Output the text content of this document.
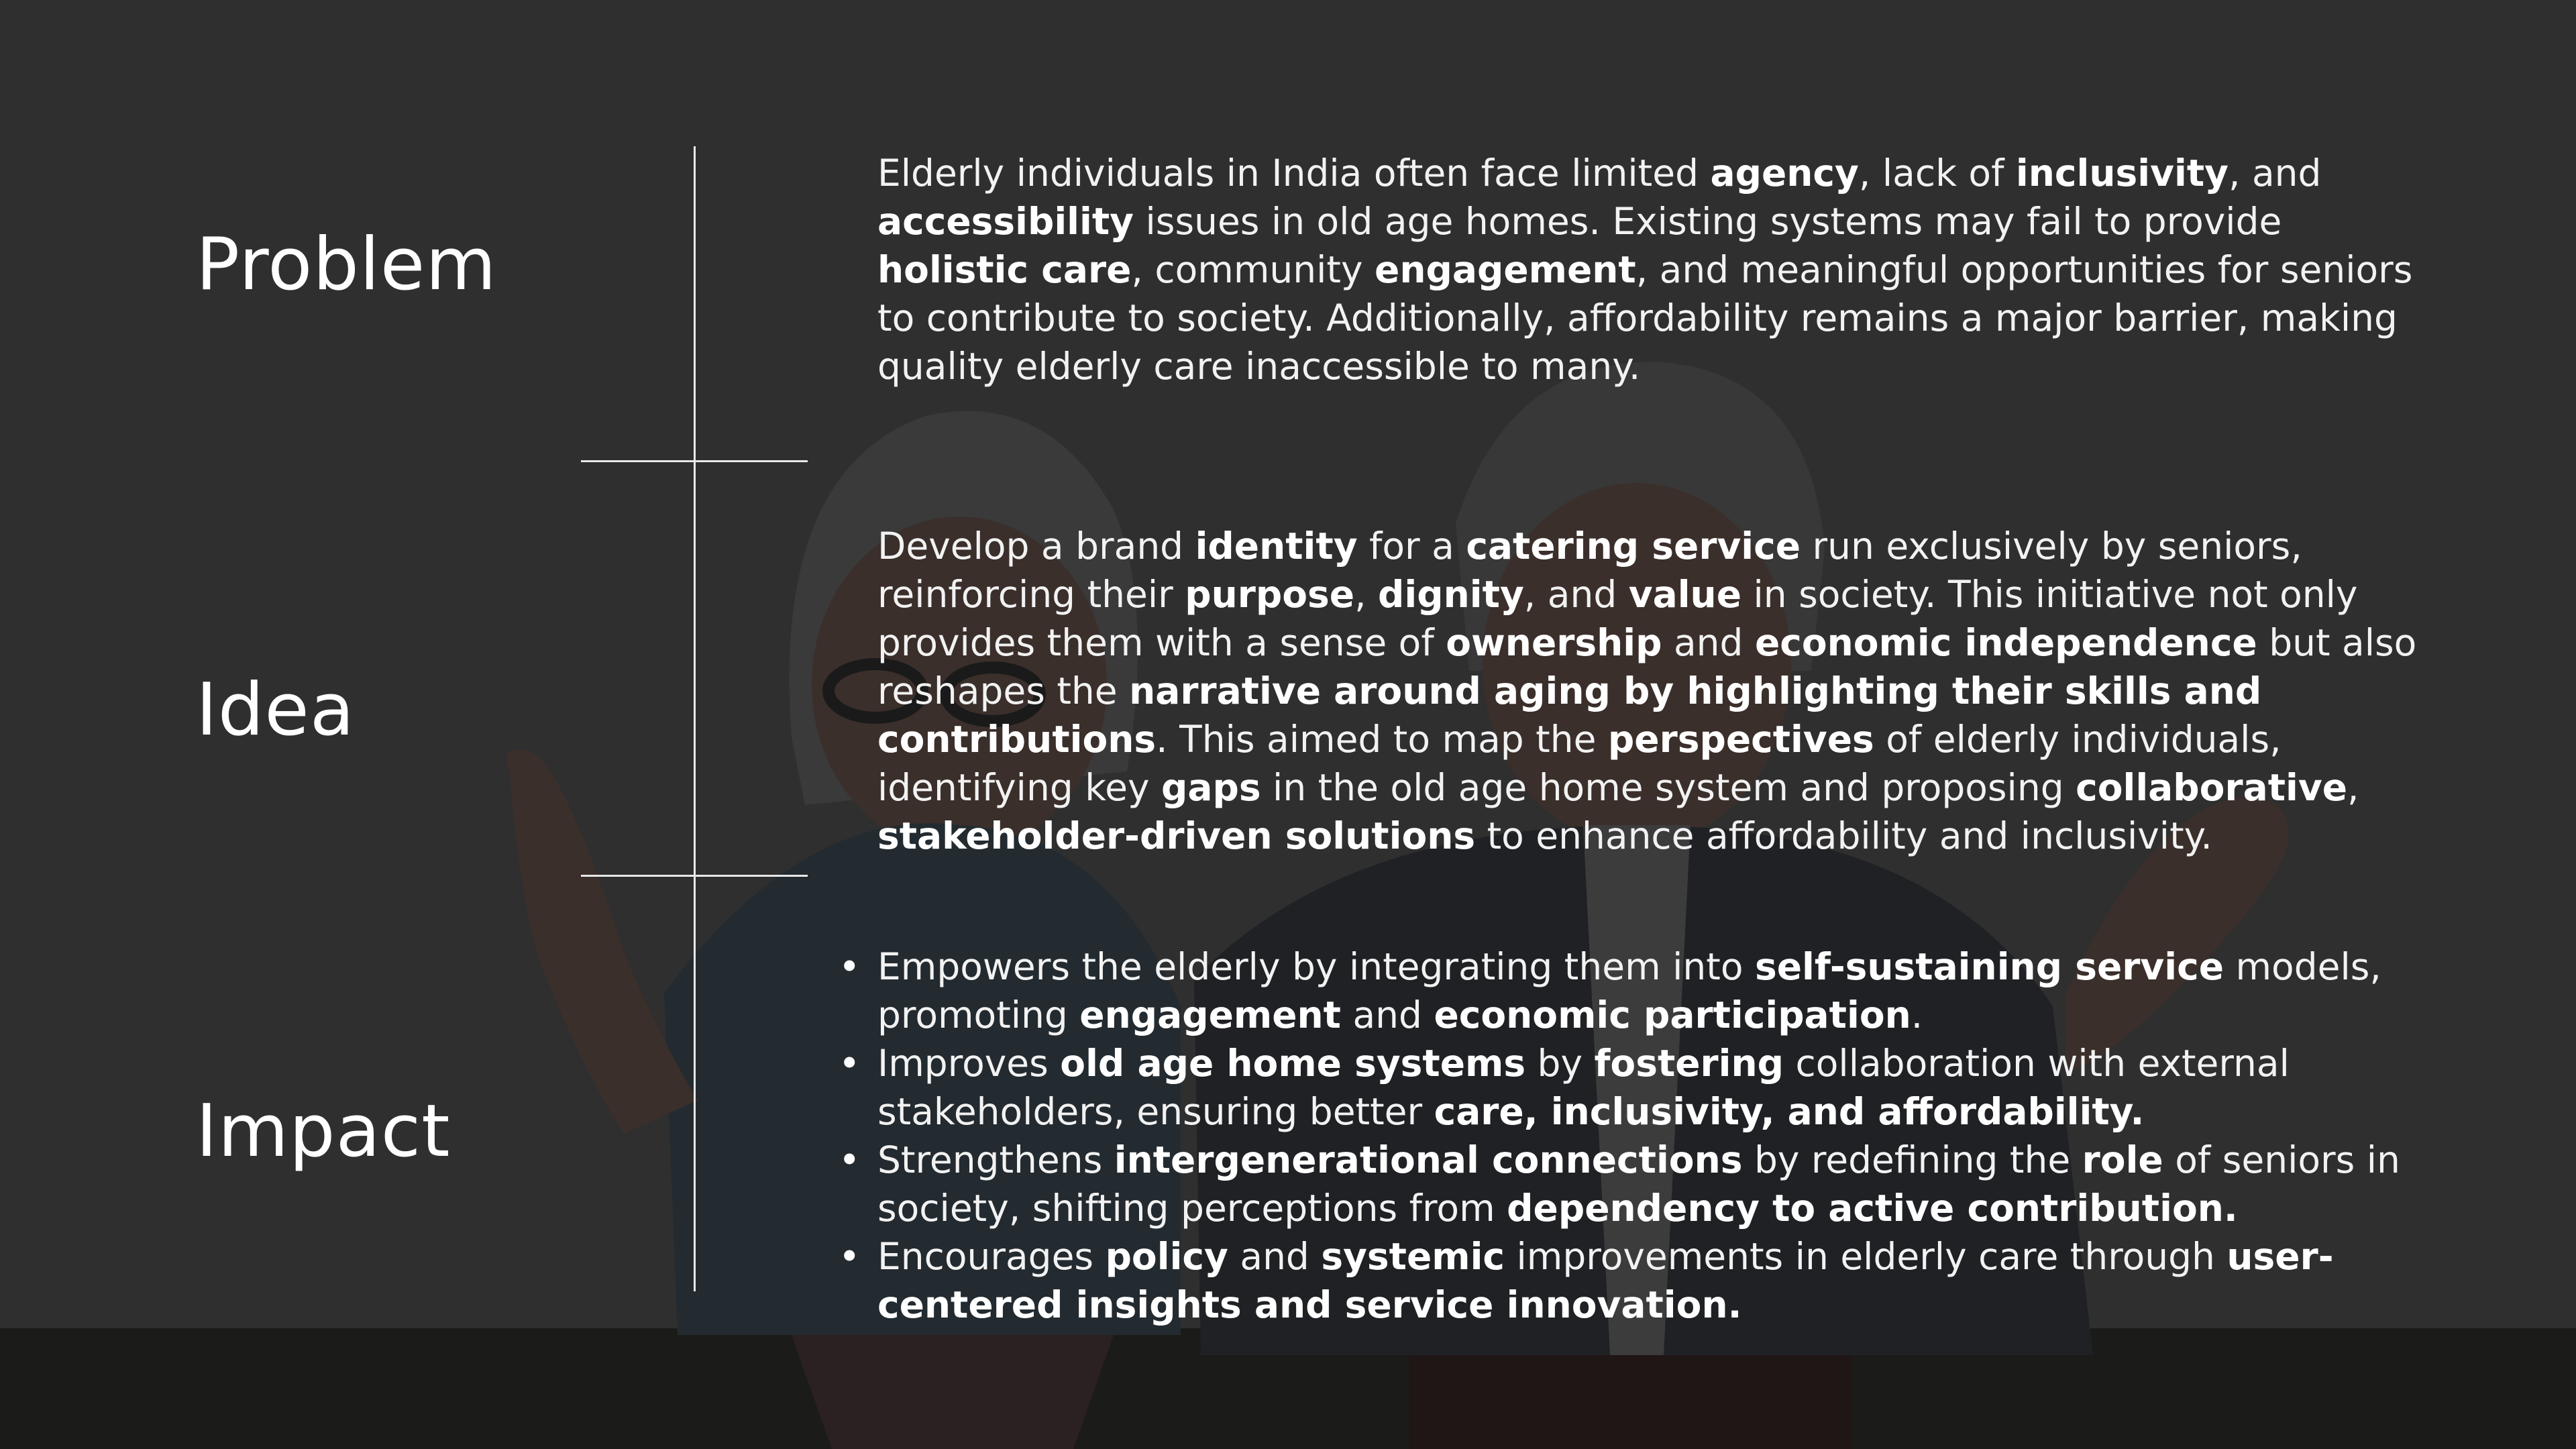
Problem
Idea
Impact
Elderly individuals in India often face limited agency, lack of inclusivity, and accessibility issues in old age homes. Existing systems may fail to provide holistic care, community engagement, and meaningful opportunities for seniors to contribute to society. Additionally, affordability remains a major barrier, making quality elderly care inaccessible to many.
Develop a brand identity for a catering service run exclusively by seniors, reinforcing their purpose, dignity, and value in society. This initiative not only provides them with a sense of ownership and economic independence but also reshapes the narrative around aging by highlighting their skills and contributions. This aimed to map the perspectives of elderly individuals, identifying key gaps in the old age home system and proposing collaborative, stakeholder-driven solutions to enhance affordability and inclusivity.
• Empowers the elderly by integrating them into self-sustaining service models, promoting engagement and economic participation.
• Improves old age home systems by fostering collaboration with external stakeholders, ensuring better care, inclusivity, and affordability.
• Strengthens intergenerational connections by redefining the role of seniors in society, shifting perceptions from dependency to active contribution.
• Encourages policy and systemic improvements in elderly care through user-centered insights and service innovation.
